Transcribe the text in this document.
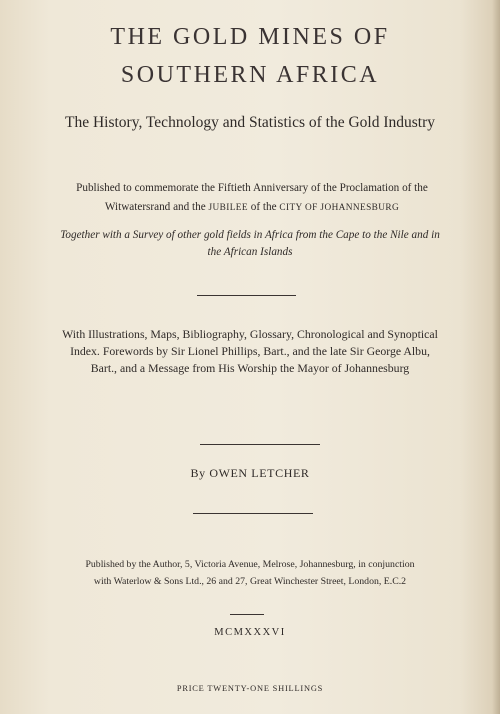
THE GOLD MINES OF
SOUTHERN AFRICA
The History, Technology and Statistics of the Gold Industry
Published to commemorate the Fiftieth Anniversary of the Proclamation of the Witwatersrand and the JUBILEE of the CITY OF JOHANNESBURG
Together with a Survey of other gold fields in Africa from the Cape to the Nile and in the African Islands
With Illustrations, Maps, Bibliography, Glossary, Chronological and Synoptical Index. Forewords by Sir Lionel Phillips, Bart., and the late Sir George Albu, Bart., and a Message from His Worship the Mayor of Johannesburg
By OWEN LETCHER
Published by the Author, 5, Victoria Avenue, Melrose, Johannesburg, in conjunction with Waterlow & Sons Ltd., 26 and 27, Great Winchester Street, London, E.C.2
MCMXXXVI
PRICE TWENTY-ONE SHILLINGS
